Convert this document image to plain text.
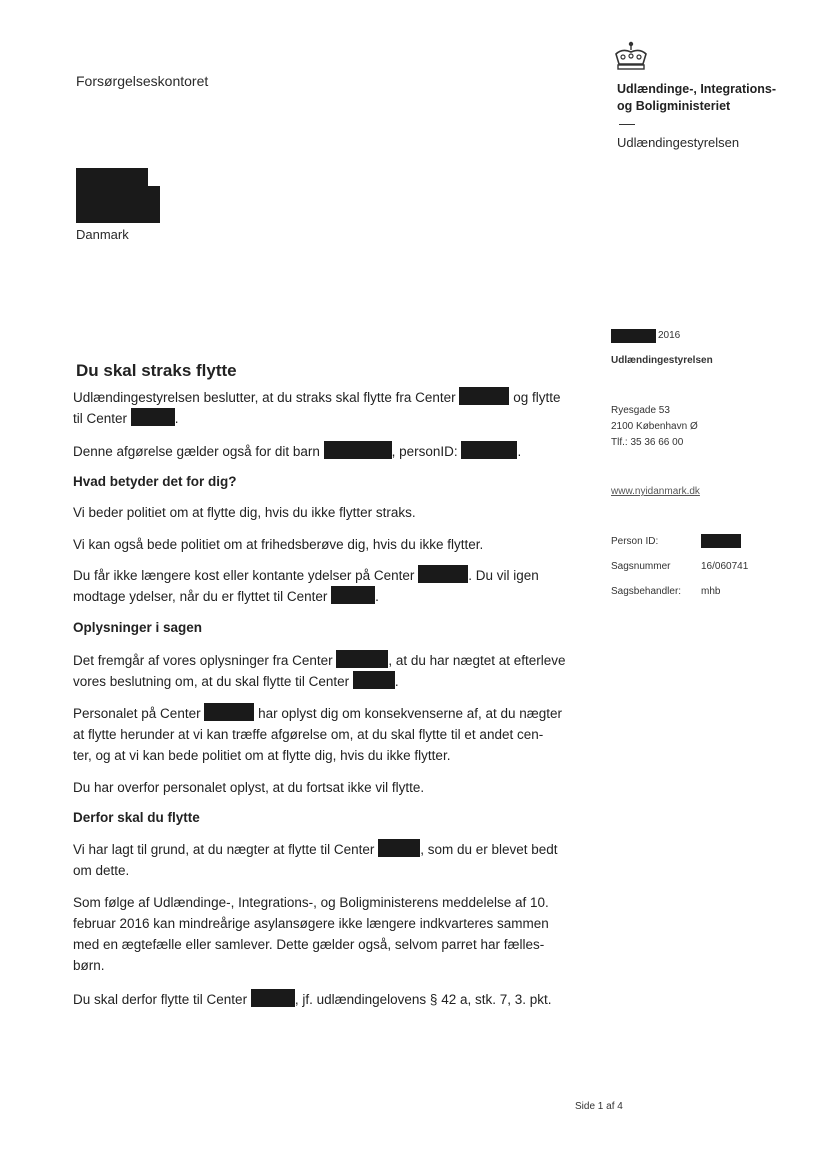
Forsørgelseskontoret	Udlændinge-, Integrations-
og Boligministeriet
Udlændingestyrelsen
Danmark
2016
Udlændingestyrelsen
Ryesgade 53
2100 København Ø
Tlf.: 35 36 66 00
www.nyidanmark.dk
Person ID:
Sagsnummer	16/060741
Sagsbehandler: mhb
Du skal straks flytte
Udlændingestyrelsen beslutter, at du straks skal flytte fra Center	og flytte
til Center	.
Denne afgørelse gælder også for dit barn	, personID:	.
Hvad betyder det for dig?
Vi beder politiet om at flytte dig, hvis du ikke flytter straks.
Vi kan også bede politiet om at frihedsberøve dig, hvis du ikke flytter.
Du får ikke længere kost eller kontante ydelser på Center	. Du vil igen
modtage ydelser, når du er flyttet til Center	.
Oplysninger i sagen
Det fremgår af vores oplysninger fra Center	, at du har nægtet at efterleve
vores beslutning om, at du skal flytte til Center	.
Personalet på Center	har oplyst dig om konsekvenserne af, at du nægter
at flytte herunder at vi kan træffe afgørelse om, at du skal flytte til et andet cen-
ter, og at vi kan bede politiet om at flytte dig, hvis du ikke flytter.
Du har overfor personalet oplyst, at du fortsat ikke vil flytte.
Derfor skal du flytte
Vi har lagt til grund, at du nægter at flytte til Center	, som du er blevet bedt
om dette.
Som følge af Udlændinge-, Integrations-, og Boligministerens meddelelse af 10.
februar 2016 kan mindreårige asylansøgere ikke længere indkvarteres sammen
med en ægtefælle eller samlever. Dette gælder også, selvom parret har fælles-
børn.
Du skal derfor flytte til Center	, jf. udlændingelovens § 42 a, stk. 7, 3. pkt.
Side 1 af 4
